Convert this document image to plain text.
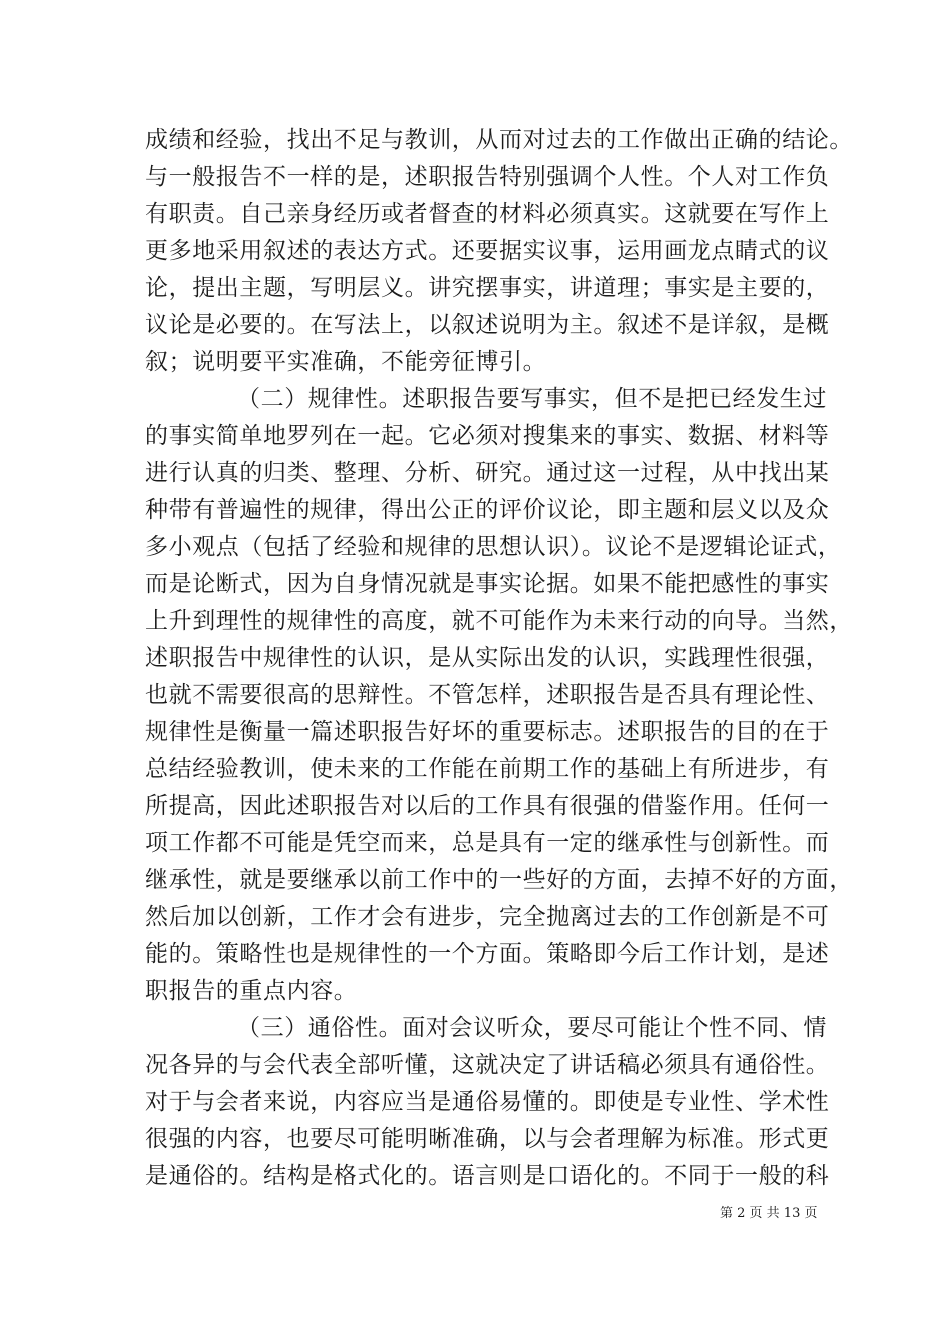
成绩和经验，找出不足与教训，从而对过去的工作做出正确的结论。
与一般报告不一样的是，述职报告特别强调个人性。个人对工作负
有职责。自己亲身经历或者督查的材料必须真实。这就要在写作上
更多地采用叙述的表达方式。还要据实议事，运用画龙点睛式的议
论，提出主题，写明层义。讲究摆事实，讲道理；事实是主要的，
议论是必要的。在写法上，以叙述说明为主。叙述不是详叙，是概
叙；说明要平实准确，不能旁征博引。
（二）规律性。述职报告要写事实，但不是把已经发生过
的事实简单地罗列在一起。它必须对搜集来的事实、数据、材料等
进行认真的归类、整理、分析、研究。通过这一过程，从中找出某
种带有普遍性的规律，得出公正的评价议论，即主题和层义以及众
多小观点（包括了经验和规律的思想认识）。议论不是逻辑论证式，
而是论断式，因为自身情况就是事实论据。如果不能把感性的事实
上升到理性的规律性的高度，就不可能作为未来行动的向导。当然，
述职报告中规律性的认识，是从实际出发的认识，实践理性很强，
也就不需要很高的思辩性。不管怎样，述职报告是否具有理论性、
规律性是衡量一篇述职报告好坏的重要标志。述职报告的目的在于
总结经验教训，使未来的工作能在前期工作的基础上有所进步，有
所提高，因此述职报告对以后的工作具有很强的借鉴作用。任何一
项工作都不可能是凭空而来，总是具有一定的继承性与创新性。而
继承性，就是要继承以前工作中的一些好的方面，去掉不好的方面，
然后加以创新，工作才会有进步，完全抛离过去的工作创新是不可
能的。策略性也是规律性的一个方面。策略即今后工作计划，是述
职报告的重点内容。
（三）通俗性。面对会议听众，要尽可能让个性不同、情
况各异的与会代表全部听懂，这就决定了讲话稿必须具有通俗性。
对于与会者来说，内容应当是通俗易懂的。即使是专业性、学术性
很强的内容，也要尽可能明晰准确，以与会者理解为标准。形式更
是通俗的。结构是格式化的。语言则是口语化的。不同于一般的科
第 2 页 共 13 页
